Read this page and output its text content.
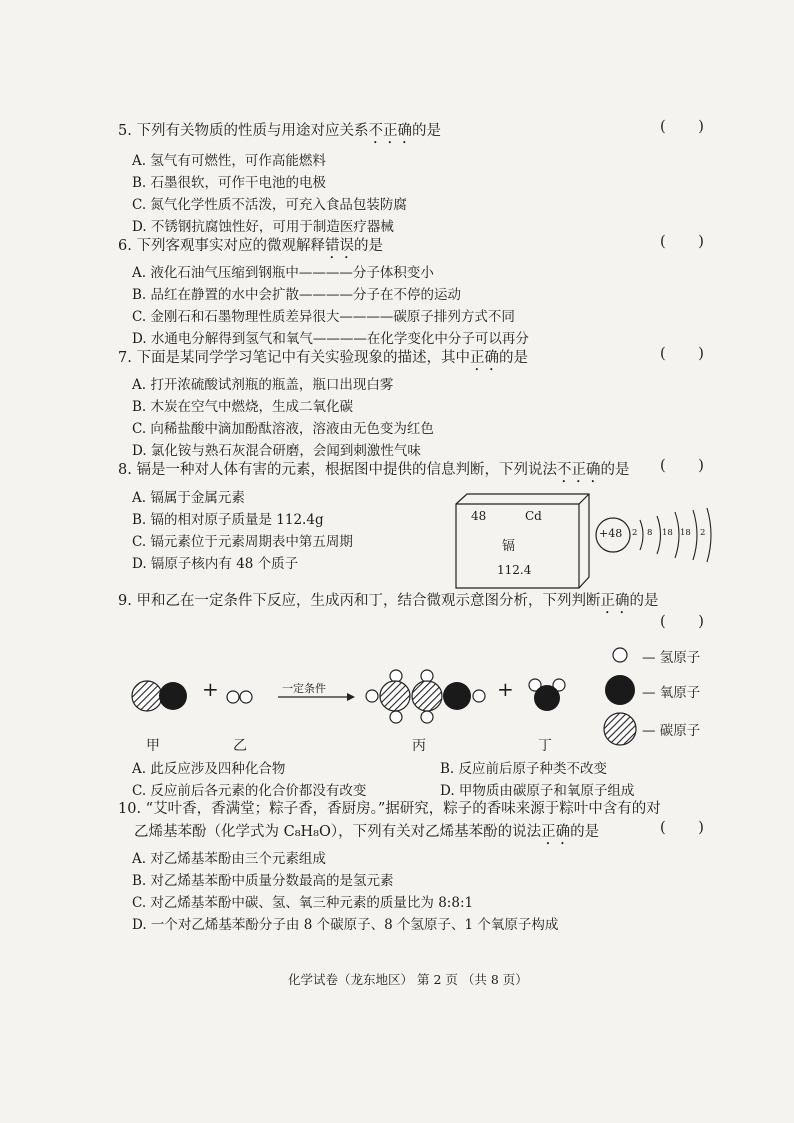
5. 下列有关物质的性质与用途对应关系不正确的是	( )
A. 氢气有可燃性，可作高能燃料
B. 石墨很软，可作干电池的电极
C. 氮气化学性质不活泼，可充入食品包装防腐
D. 不锈钢抗腐蚀性好，可用于制造医疗器械
6. 下列客观事实对应的微观解释错误的是	( )
A. 液化石油气压缩到钢瓶中————分子体积变小
B. 品红在静置的水中会扩散————分子在不停的运动
C. 金刚石和石墨物理性质差异很大————碳原子排列方式不同
D. 水通电分解得到氢气和氧气————在化学变化中分子可以再分
7. 下面是某同学学习笔记中有关实验现象的描述，其中正确的是	( )
A. 打开浓硫酸试剂瓶的瓶盖，瓶口出现白雾
B. 木炭在空气中燃烧，生成二氧化碳
C. 向稀盐酸中滴加酚酞溶液，溶液由无色变为红色
D. 氯化铵与熟石灰混合研磨，会闻到刺激性气味
8. 镉是一种对人体有害的元素，根据图中提供的信息判断，下列说法不正确的是 ( )
A. 镉属于金属元素
B. 镉的相对原子质量是 112.4g
C. 镉元素位于元素周期表中第五周期
D. 镉原子核内有 48 个质子
48	Cd
镉
112.4
+48 2 8 18 18 2
9. 甲和乙在一定条件下反应，生成丙和丁，结合微观示意图分析，下列判断正确的是
( )
+	+
一定条件
甲	乙	丙	丁
— 氢原子
— 氧原子
— 碳原子
A. 此反应涉及四种化合物	B. 反应前后原子种类不改变
C. 反应前后各元素的化合价都没有改变	D. 甲物质由碳原子和氧原子组成
10. “艾叶香，香满堂；粽子香，香厨房。”据研究，粽子的香味来源于粽叶中含有的对
乙烯基苯酚（化学式为 C₈H₈O），下列有关对乙烯基苯酚的说法正确的是	( )
A. 对乙烯基苯酚由三个元素组成
B. 对乙烯基苯酚中质量分数最高的是氢元素
C. 对乙烯基苯酚中碳、氢、氧三种元素的质量比为 8:8:1
D. 一个对乙烯基苯酚分子由 8 个碳原子、8 个氢原子、1 个氧原子构成
化学试卷（龙东地区） 第 2 页 （共 8 页）
